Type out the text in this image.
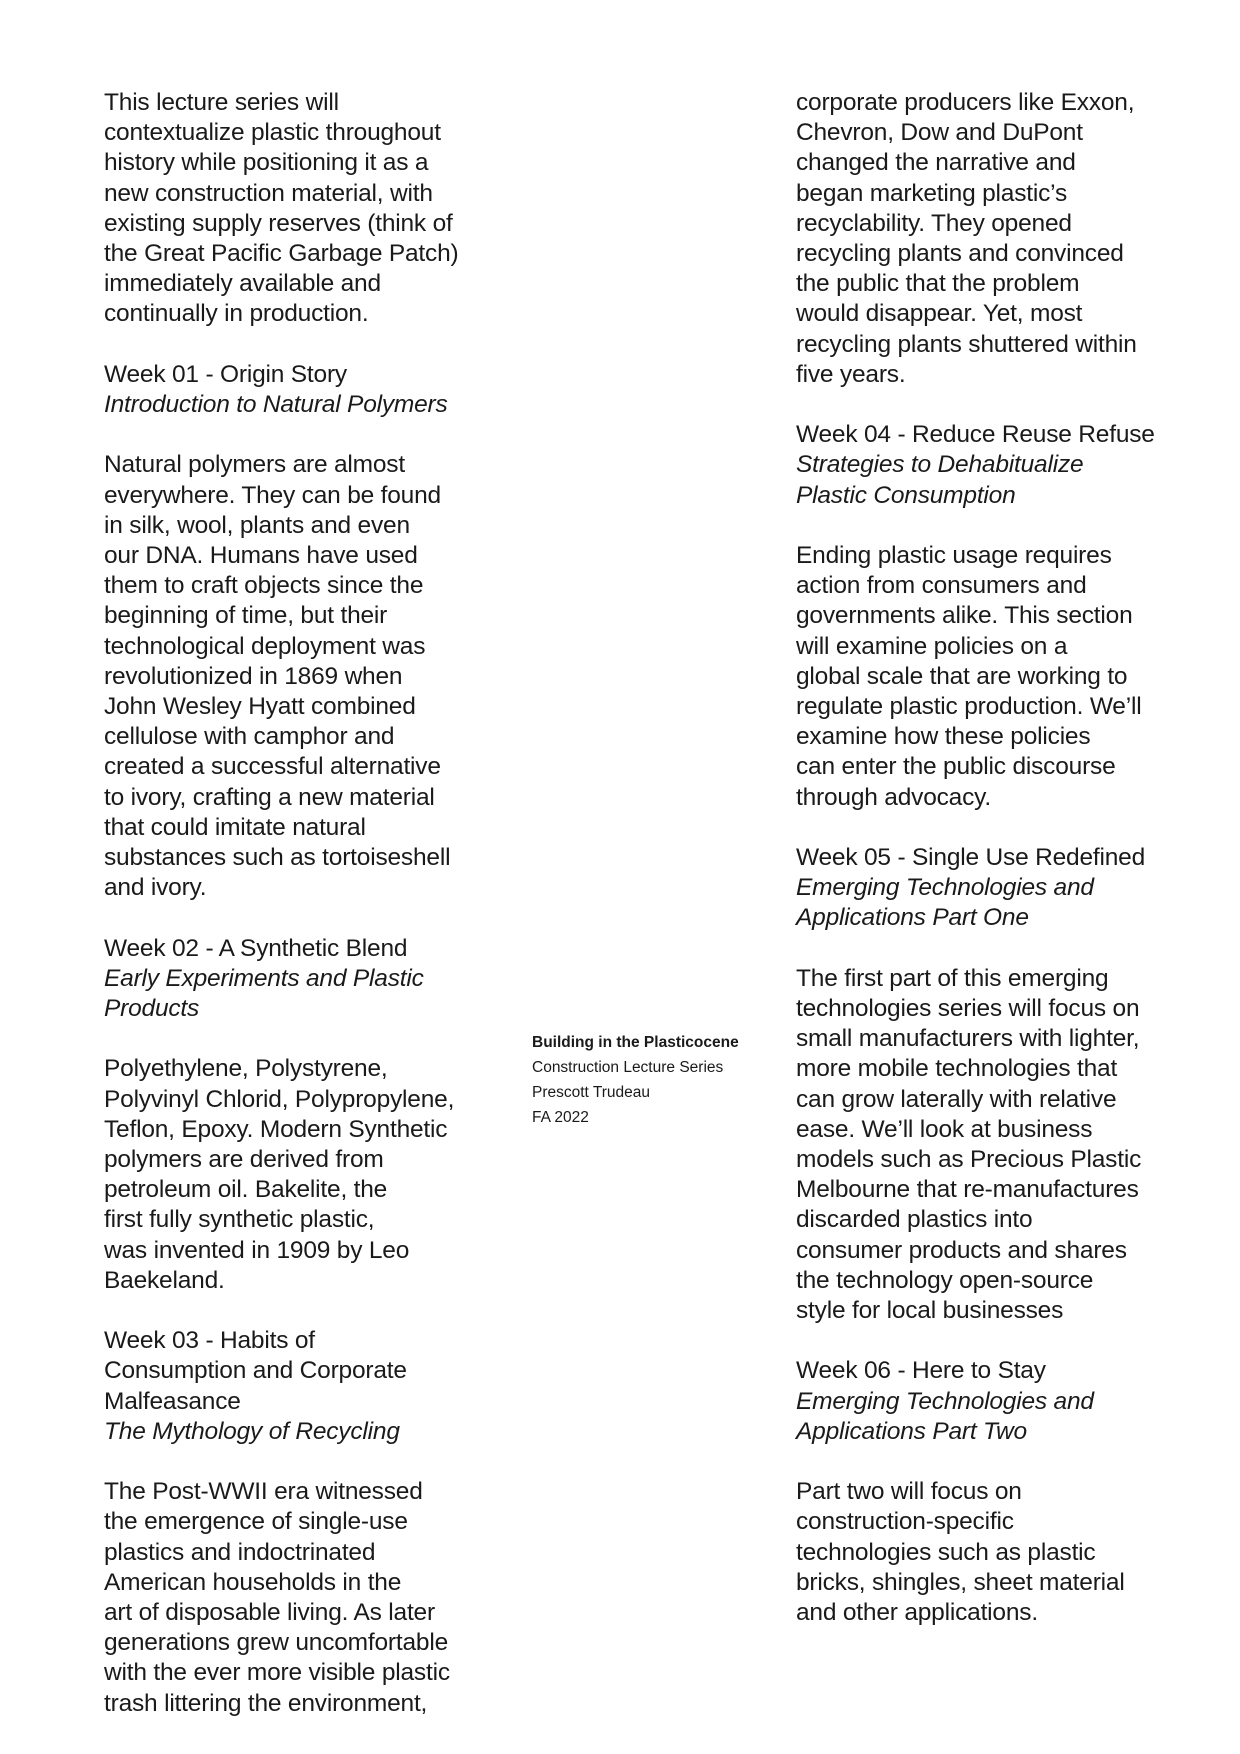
This lecture series will
contextualize plastic throughout
history while positioning it as a
new construction material, with
existing supply reserves (think of
the Great Pacific Garbage Patch)
immediately available and
continually in production.
Week 01 - Origin Story
Introduction to Natural Polymers
Natural polymers are almost
everywhere. They can be found
in silk, wool, plants and even
our DNA. Humans have used
them to craft objects since the
beginning of time, but their
technological deployment was
revolutionized in 1869 when
John Wesley Hyatt combined
cellulose with camphor and
created a successful alternative
to ivory, crafting a new material
that could imitate natural
substances such as tortoiseshell
and ivory.
Week 02 - A Synthetic Blend
Early Experiments and Plastic
Products
Polyethylene, Polystyrene,
Polyvinyl Chlorid, Polypropylene,
Teflon, Epoxy. Modern Synthetic
polymers are derived from
petroleum oil. Bakelite, the
first fully synthetic plastic,
was invented in 1909 by Leo
Baekeland.
Week 03 - Habits of
Consumption and Corporate
Malfeasance
The Mythology of Recycling
The Post-WWII era witnessed
the emergence of single-use
plastics and indoctrinated
American households in the
art of disposable living. As later
generations grew uncomfortable
with the ever more visible plastic
trash littering the environment,
corporate producers like Exxon,
Chevron, Dow and DuPont
changed the narrative and
began marketing plastic’s
recyclability. They opened
recycling plants and convinced
the public that the problem
would disappear. Yet, most
recycling plants shuttered within
five years.
Week 04 - Reduce Reuse Refuse
Strategies to Dehabitualize
Plastic Consumption
Ending plastic usage requires
action from consumers and
governments alike. This section
will examine policies on a
global scale that are working to
regulate plastic production. We’ll
examine how these policies
can enter the public discourse
through advocacy.
Week 05 - Single Use Redefined
Emerging Technologies and
Applications Part One
The first part of this emerging
technologies series will focus on
small manufacturers with lighter,
more mobile technologies that
can grow laterally with relative
ease. We’ll look at business
models such as Precious Plastic
Melbourne that re-manufactures
discarded plastics into
consumer products and shares
the technology open-source
style for local businesses
Week 06 - Here to Stay
Emerging Technologies and
Applications Part Two
Part two will focus on
construction-specific
technologies such as plastic
bricks, shingles, sheet material
and other applications.
Building in the Plasticocene
Construction Lecture Series
Prescott Trudeau
FA 2022
